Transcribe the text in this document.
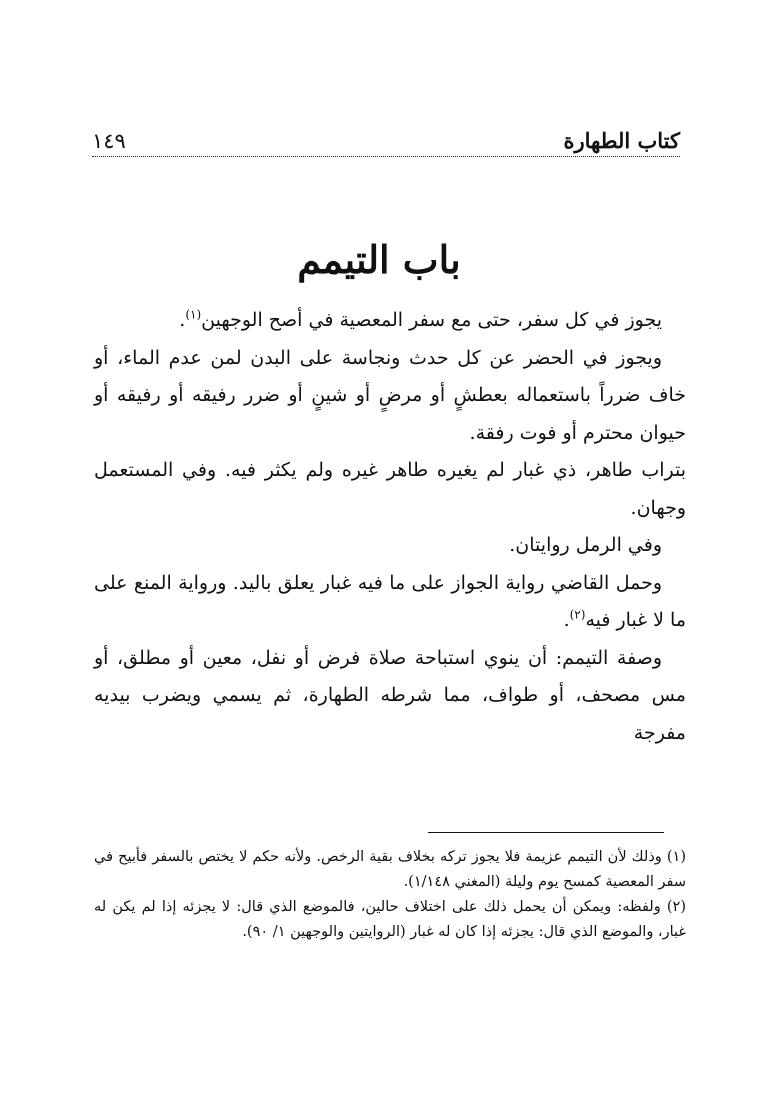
كتاب الطهارة
١٤٩
باب التيمم

يجوز في كل سفر، حتى مع سفر المعصية في أصح الوجهين$^{(١)}$.

ويجوز في الحضر عن كل حدث ونجاسة على البدن لمن عدم الماء، أو خاف ضرراً باستعماله بعطشٍ أو مرضٍ أو شينٍ أو ضرر رفيقه أو رفيقه أو حيوان محترم أو فوت رفقة.

بتراب طاهر، ذي غبار لم يغيره طاهر غيره ولم يكثر فيه. وفي المستعمل وجهان.

وفي الرمل روايتان.

وحمل القاضي رواية الجواز على ما فيه غبار يعلق باليد. ورواية المنع على ما لا غبار فيه$^{(٢)}$.

وصفة التيمم: أن ينوي استباحة صلاة فرض أو نفل، معين أو مطلق، أو مس مصحف، أو طواف، مما شرطه الطهارة، ثم يسمي ويضرب بيديه مفرجة

(١) وذلك لأن التيمم عزيمة فلا يجوز تركه بخلاف بقية الرخص. ولأنه حكم لا يختص بالسفر فأبيح في سفر المعصية كمسح يوم وليلة (المغني ١/١٤٨).

(٢) ولفظه: ويمكن أن يحمل ذلك على اختلاف حالين، فالموضع الذي قال: لا يجزئه إذا لم يكن له غبار، والموضع الذي قال: يجزئه إذا كان له غبار (الروايتين والوجهين ١/ ٩٠).
